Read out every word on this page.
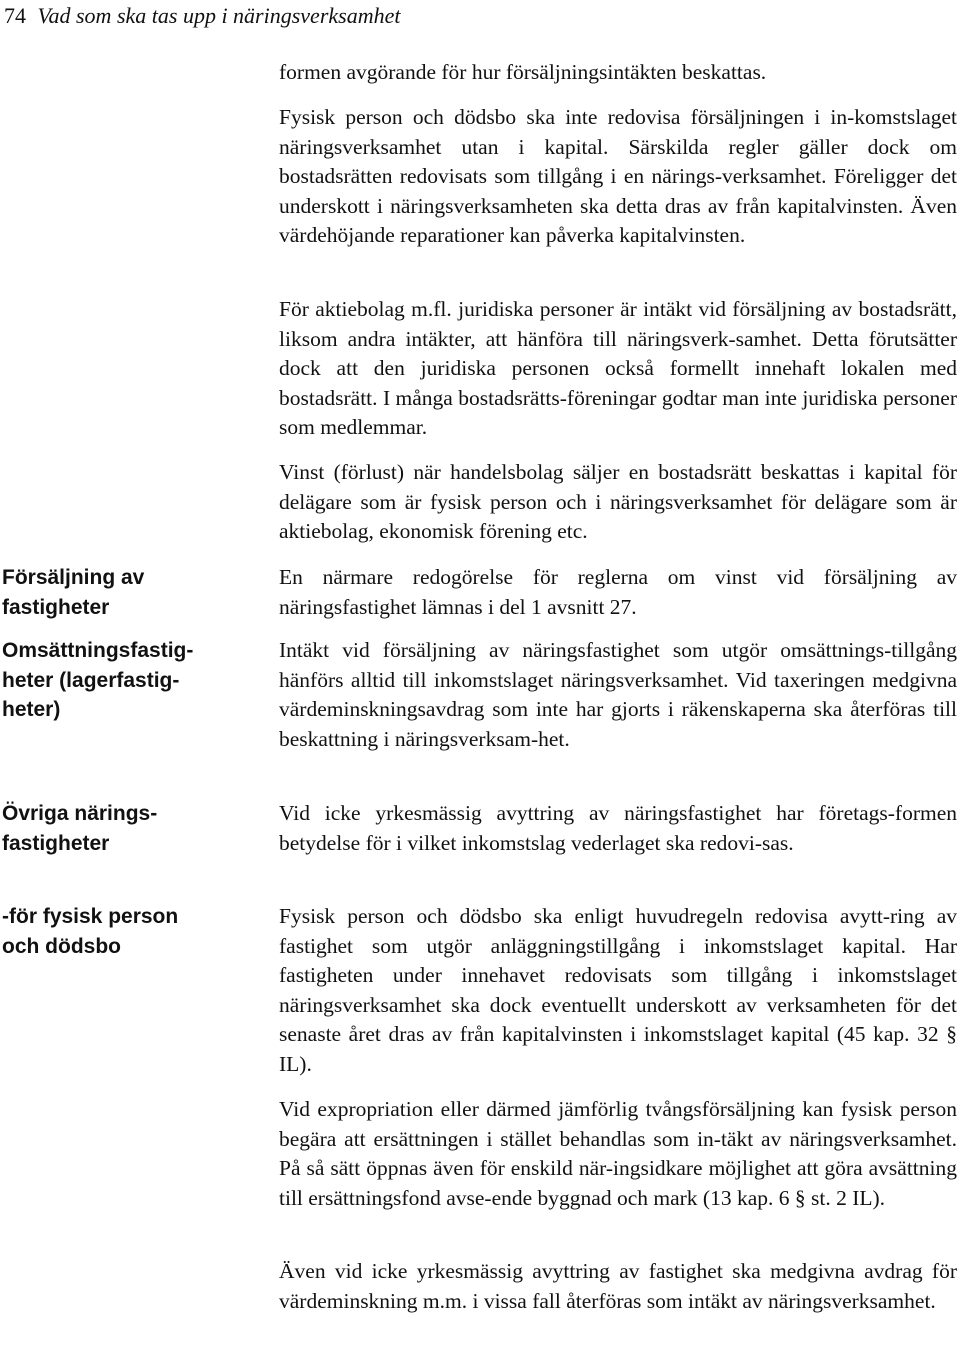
74 Vad som ska tas upp i näringsverksamhet
Försäljning av fastigheter
Omsättningsfastig-heter (lagerfastig-heter)
Övriga närings-fastigheter
-för fysisk person och dödsbo

formen avgörande för hur försäljningsintäkten beskattas.

Fysisk person och dödsbo ska inte redovisa försäljningen i in-komstslaget näringsverksamhet utan i kapital. Särskilda regler gäller dock om bostadsrätten redovisats som tillgång i en närings-verksamhet. Föreligger det underskott i näringsverksamheten ska detta dras av från kapitalvinsten. Även värdehöjande reparationer kan påverka kapitalvinsten.

För aktiebolag m.fl. juridiska personer är intäkt vid försäljning av bostadsrätt, liksom andra intäkter, att hänföra till näringsverk-samhet. Detta förutsätter dock att den juridiska personen också formellt innehaft lokalen med bostadsrätt. I många bostadsrätts-föreningar godtar man inte juridiska personer som medlemmar.

Vinst (förlust) när handelsbolag säljer en bostadsrätt beskattas i kapital för delägare som är fysisk person och i näringsverksamhet för delägare som är aktiebolag, ekonomisk förening etc.

En närmare redogörelse för reglerna om vinst vid försäljning av näringsfastighet lämnas i del 1 avsnitt 27.

Intäkt vid försäljning av näringsfastighet som utgör omsättnings-tillgång hänförs alltid till inkomstslaget näringsverksamhet. Vid taxeringen medgivna värdeminskningsavdrag som inte har gjorts i räkenskaperna ska återföras till beskattning i näringsverksam-het.

Vid icke yrkesmässig avyttring av näringsfastighet har företags-formen betydelse för i vilket inkomstslag vederlaget ska redovi-sas.

Fysisk person och dödsbo ska enligt huvudregeln redovisa avytt-ring av fastighet som utgör anläggningstillgång i inkomstslaget kapital. Har fastigheten under innehavet redovisats som tillgång i inkomstslaget näringsverksamhet ska dock eventuellt underskott av verksamheten för det senaste året dras av från kapitalvinsten i inkomstslaget kapital (45 kap. 32 § IL).

Vid expropriation eller därmed jämförlig tvångsförsäljning kan fysisk person begära att ersättningen i stället behandlas som in-täkt av näringsverksamhet. På så sätt öppnas även för enskild när-ingsidkare möjlighet att göra avsättning till ersättningsfond avse-ende byggnad och mark (13 kap. 6 § st. 2 IL).

Även vid icke yrkesmässig avyttring av fastighet ska medgivna avdrag för värdeminskning m.m. i vissa fall återföras som intäkt av näringsverksamhet.
